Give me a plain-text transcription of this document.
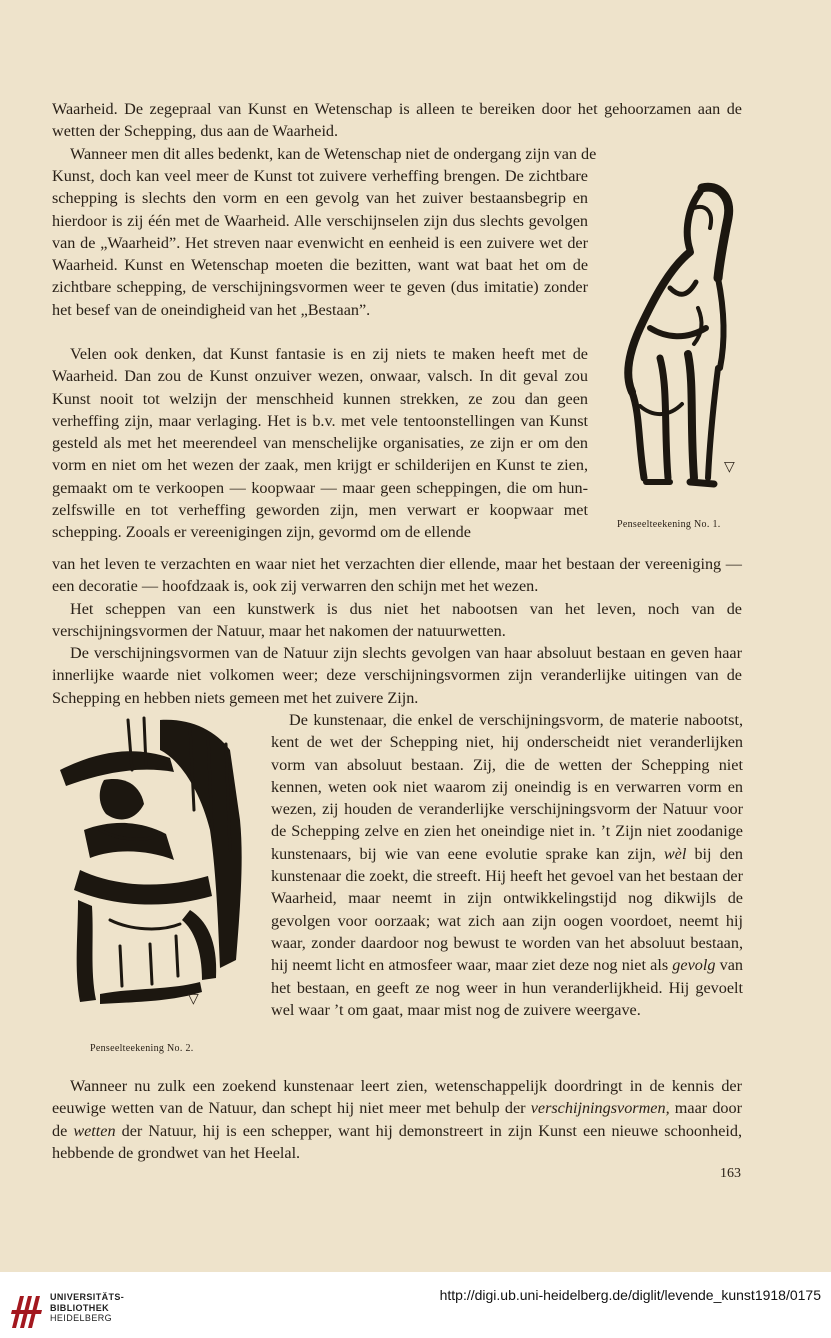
Waarheid. De zegepraal van Kunst en Wetenschap is alleen te bereiken door het gehoorzamen aan de wetten der Schepping, dus aan de Waarheid.

Wanneer men dit alles bedenkt, kan de Wetenschap niet de ondergang zijn van de

Kunst, doch kan veel meer de Kunst tot zuivere verheffing brengen. De zichtbare schepping is slechts den vorm en een gevolg van het zuiver bestaansbegrip en hierdoor is zij één met de Waarheid. Alle verschijnselen zijn dus slechts gevolgen van de „Waarheid”. Het streven naar evenwicht en eenheid is een zuivere wet der Waarheid. Kunst en Wetenschap moeten die bezitten, want wat baat het om de zichtbare schepping, de verschijningsvormen weer te geven (dus imitatie) zonder het besef van de oneindigheid van het „Bestaan”.

Velen ook denken, dat Kunst fantasie is en zij niets te maken heeft met de Waarheid. Dan zou de Kunst onzuiver wezen, onwaar, valsch. In dit geval zou Kunst nooit tot welzijn der menschheid kunnen strekken, ze zou dan geen verheffing zijn, maar verlaging. Het is b.v. met vele tentoonstellingen van Kunst gesteld als met het meerendeel van menschelijke organisaties, ze zijn er om den vorm en niet om het wezen der zaak, men krijgt er schilderijen en Kunst te zien, gemaakt om te verkoopen — koopwaar — maar geen scheppingen, die om hun-zelfswille en tot verheffing geworden zijn, men verwart er koopwaar met schepping. Zooals er vereenigingen zijn, gevormd om de ellende

van het leven te verzachten en waar niet het verzachten dier ellende, maar het bestaan der vereeniging — een decoratie — hoofdzaak is, ook zij verwarren den schijn met het wezen.

Het scheppen van een kunstwerk is dus niet het nabootsen van het leven, noch van de verschijningsvormen der Natuur, maar het nakomen der natuurwetten.

De verschijningsvormen van de Natuur zijn slechts gevolgen van haar absoluut bestaan en geven haar innerlijke waarde niet volkomen weer; deze verschijningsvormen zijn veranderlijke uitingen van de Schepping en hebben niets gemeen met het zuivere Zijn.

De kunstenaar, die enkel de verschijningsvorm, de materie nabootst, kent de wet der Schepping niet, hij onderscheidt niet veranderlijken vorm van absoluut bestaan. Zij, die de wetten der Schepping niet kennen, weten ook niet waarom zij oneindig is en verwarren vorm en wezen, zij houden de veranderlijke verschijningsvorm der Natuur voor de Schepping zelve en zien het oneindige niet in. ’t Zijn niet zoodanige kunstenaars, bij wie van eene evolutie sprake kan zijn, wèl bij den kunstenaar die zoekt, die streeft. Hij heeft het gevoel van het bestaan der Waarheid, maar neemt in zijn ontwikkelingstijd nog dikwijls de gevolgen voor oorzaak; wat zich aan zijn oogen voordoet, neemt hij waar, zonder daardoor nog bewust te worden van het absoluut bestaan, hij neemt licht en atmosfeer waar, maar ziet deze nog niet als gevolg van het bestaan, en geeft ze nog weer in hun veranderlijkheid. Hij gevoelt wel waar ’t om gaat, maar mist nog de zuivere weergave.

Wanneer nu zulk een zoekend kunstenaar leert zien, wetenschappelijk doordringt in de kennis der eeuwige wetten van de Natuur, dan schept hij niet meer met behulp der verschijningsvormen, maar door de wetten der Natuur, hij is een schepper, want hij demonstreert in zijn Kunst een nieuwe schoonheid, hebbende de grondwet van het Heelal.

▽
Penseelteekening No. 1.
▽
Penseelteekening No. 2.
163
UNIVERSITÄTS-
BIBLIOTHEK
HEIDELBERG
http://digi.ub.uni-heidelberg.de/diglit/levende_kunst1918/0175
